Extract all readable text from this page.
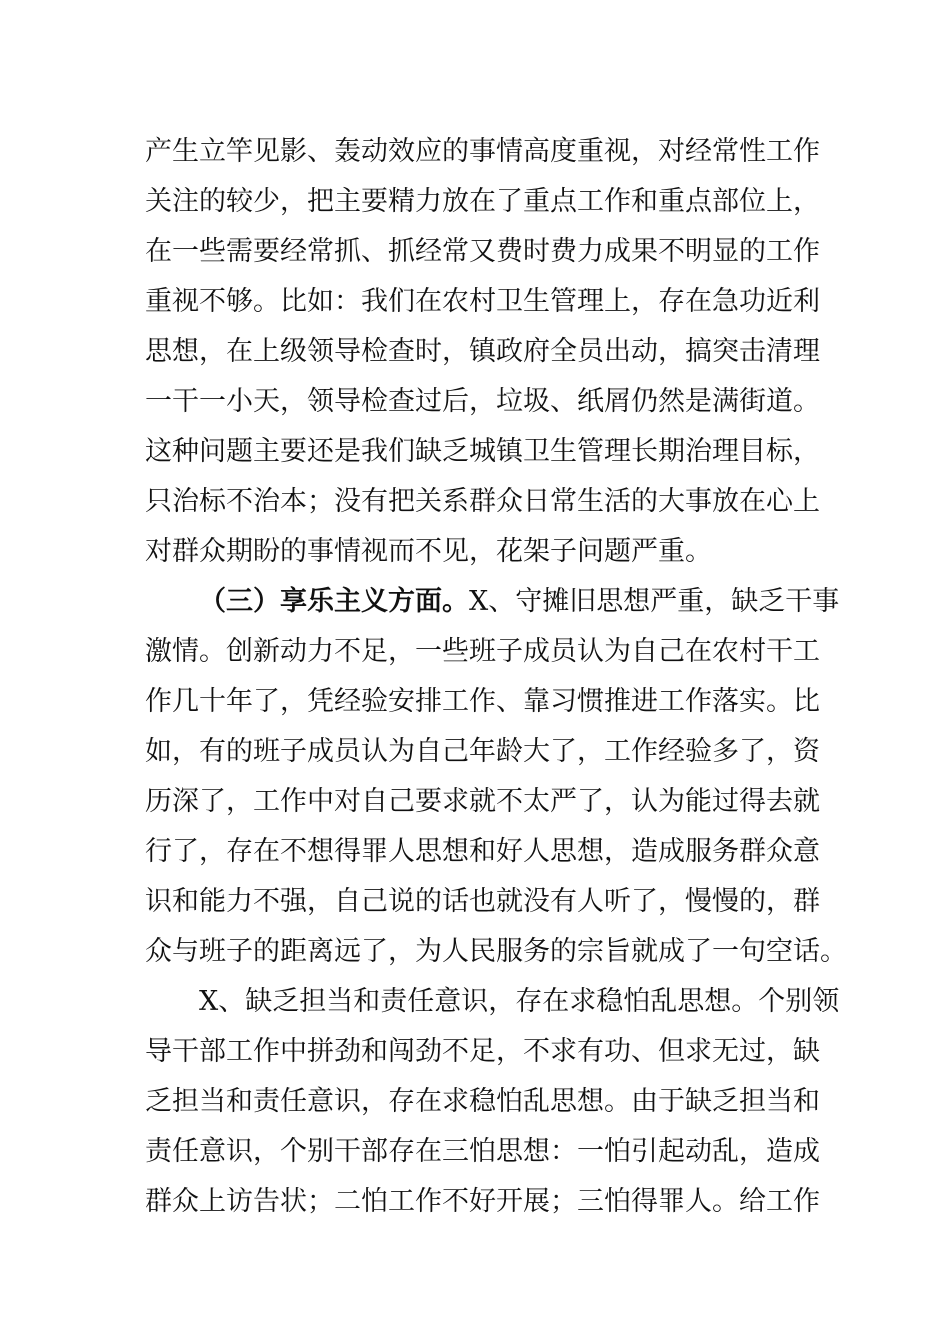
产生立竿见影、轰动效应的事情高度重视，对经常性工作
关注的较少，把主要精力放在了重点工作和重点部位上，
在一些需要经常抓、抓经常又费时费力成果不明显的工作
重视不够。比如：我们在农村卫生管理上，存在急功近利
思想，在上级领导检查时，镇政府全员出动，搞突击清理
一干一小天，领导检查过后，垃圾、纸屑仍然是满街道。
这种问题主要还是我们缺乏城镇卫生管理长期治理目标，
只治标不治本；没有把关系群众日常生活的大事放在心上
对群众期盼的事情视而不见，花架子问题严重。
（三）享乐主义方面。X、守摊旧思想严重，缺乏干事
激情。创新动力不足，一些班子成员认为自己在农村干工
作几十年了，凭经验安排工作、靠习惯推进工作落实。比
如，有的班子成员认为自己年龄大了，工作经验多了，资
历深了，工作中对自己要求就不太严了，认为能过得去就
行了，存在不想得罪人思想和好人思想，造成服务群众意
识和能力不强，自己说的话也就没有人听了，慢慢的，群
众与班子的距离远了，为人民服务的宗旨就成了一句空话。
X、缺乏担当和责任意识，存在求稳怕乱思想。个别领
导干部工作中拼劲和闯劲不足，不求有功、但求无过，缺
乏担当和责任意识，存在求稳怕乱思想。由于缺乏担当和
责任意识，个别干部存在三怕思想：一怕引起动乱，造成
群众上访告状；二怕工作不好开展；三怕得罪人。给工作
